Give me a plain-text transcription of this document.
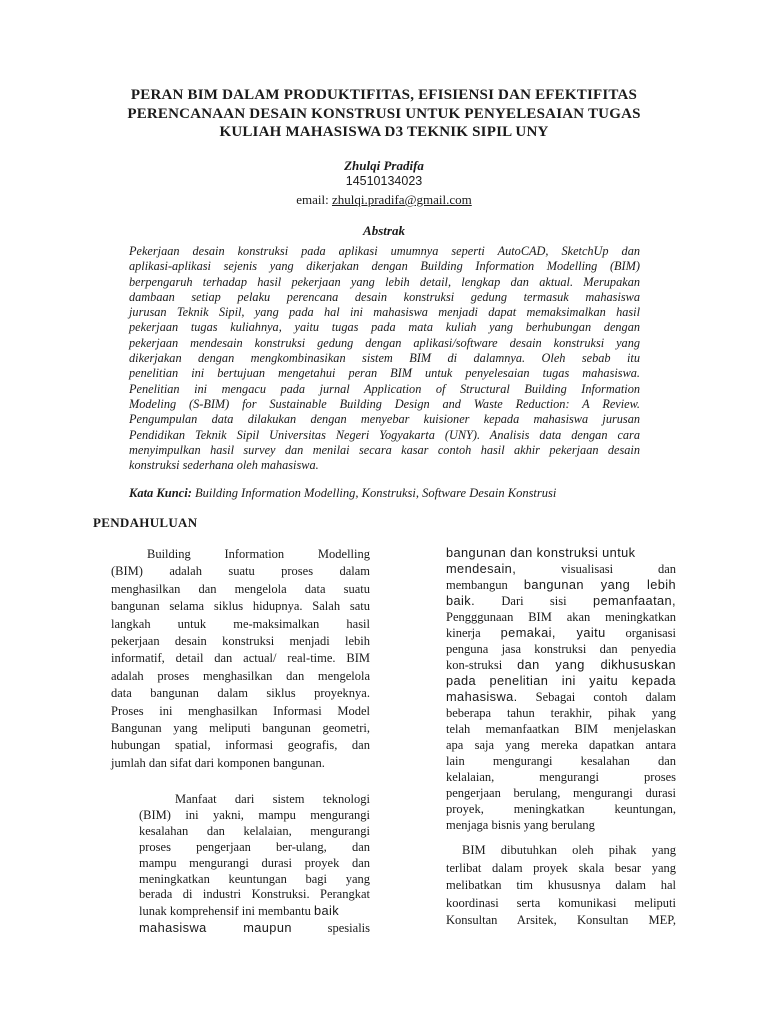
PERAN BIM DALAM PRODUKTIFITAS, EFISIENSI DAN EFEKTIFITAS
PERENCANAAN DESAIN KONSTRUSI UNTUK PENYELESAIAN TUGAS
KULIAH MAHASISWA D3 TEKNIK SIPIL UNY
Zhulqi Pradifa
14510134023
email: zhulqi.pradifa@gmail.com
Abstrak
Pekerjaan desain konstruksi pada aplikasi umumnya seperti AutoCAD, SketchUp dan
aplikasi-aplikasi sejenis yang dikerjakan dengan Building Information Modelling (BIM)
berpengaruh terhadap hasil pekerjaan yang lebih detail, lengkap dan aktual. Merupakan
dambaan setiap pelaku perencana desain konstruksi gedung termasuk mahasiswa
jurusan Teknik Sipil, yang pada hal ini mahasiswa menjadi dapat memaksimalkan hasil
pekerjaan tugas kuliahnya, yaitu tugas pada mata kuliah yang berhubungan dengan
pekerjaan mendesain konstruksi gedung dengan aplikasi/software desain konstruksi yang
dikerjakan dengan mengkombinasikan sistem BIM di dalamnya. Oleh sebab itu
penelitian ini bertujuan mengetahui peran BIM untuk penyelesaian tugas mahasiswa.
Penelitian ini mengacu pada jurnal Application of Structural Building Information
Modeling (S-BIM) for Sustainable Building Design and Waste Reduction: A Review.
Pengumpulan data dilakukan dengan menyebar kuisioner kepada mahasiswa jurusan
Pendidikan Teknik Sipil Universitas Negeri Yogyakarta (UNY). Analisis data dengan cara
menyimpulkan hasil survey dan menilai secara kasar contoh hasil akhir pekerjaan desain
konstruksi sederhana oleh mahasiswa.
Kata Kunci: Building Information Modelling, Konstruksi, Software Desain Konstrusi
PENDAHULUAN
Building Information Modelling
(BIM) adalah suatu proses dalam
menghasilkan dan mengelola data suatu
bangunan selama siklus hidupnya. Salah satu
langkah untuk me-maksimalkan hasil
pekerjaan desain konstruksi menjadi lebih
informatif, detail dan actual/ real-time. BIM
adalah proses menghasilkan dan mengelola
data bangunan dalam siklus proyeknya.
Proses ini menghasilkan Informasi Model
Bangunan yang meliputi bangunan geometri,
hubungan spatial, informasi geografis, dan
jumlah dan sifat dari komponen bangunan.
Manfaat dari sistem teknologi
(BIM) ini yakni, mampu mengurangi
kesalahan dan kelalaian, mengurangi
proses pengerjaan ber-ulang, dan
mampu mengurangi durasi proyek dan
meningkatkan keuntungan bagi yang
berada di industri Konstruksi. Perangkat
lunak komprehensif ini membantu baik
mahasiswa maupun	spesialis
bangunan dan konstruksi untuk
mendesain,	visualisasi dan
membangun bangunan yang lebih
baik. Dari sisi pemanfaatan,
Pengggunaan BIM akan meningkatkan
kinerja pemakai, yaitu organisasi
penguna jasa konstruksi dan penyedia
kon-struksi dan yang dikhususkan
pada penelitian ini yaitu kepada
mahasiswa. Sebagai contoh dalam
beberapa tahun terakhir, pihak yang
telah memanfaatkan BIM menjelaskan
apa saja yang mereka dapatkan antara
lain mengurangi kesalahan dan
kelalaian, mengurangi proses
pengerjaan berulang, mengurangi durasi
proyek, meningkatkan keuntungan,
menjaga bisnis yang berulang
BIM dibutuhkan oleh pihak yang
terlibat dalam proyek skala besar yang
melibatkan tim khususnya dalam hal
koordinasi serta komunikasi meliputi
Konsultan Arsitek, Konsultan MEP,
